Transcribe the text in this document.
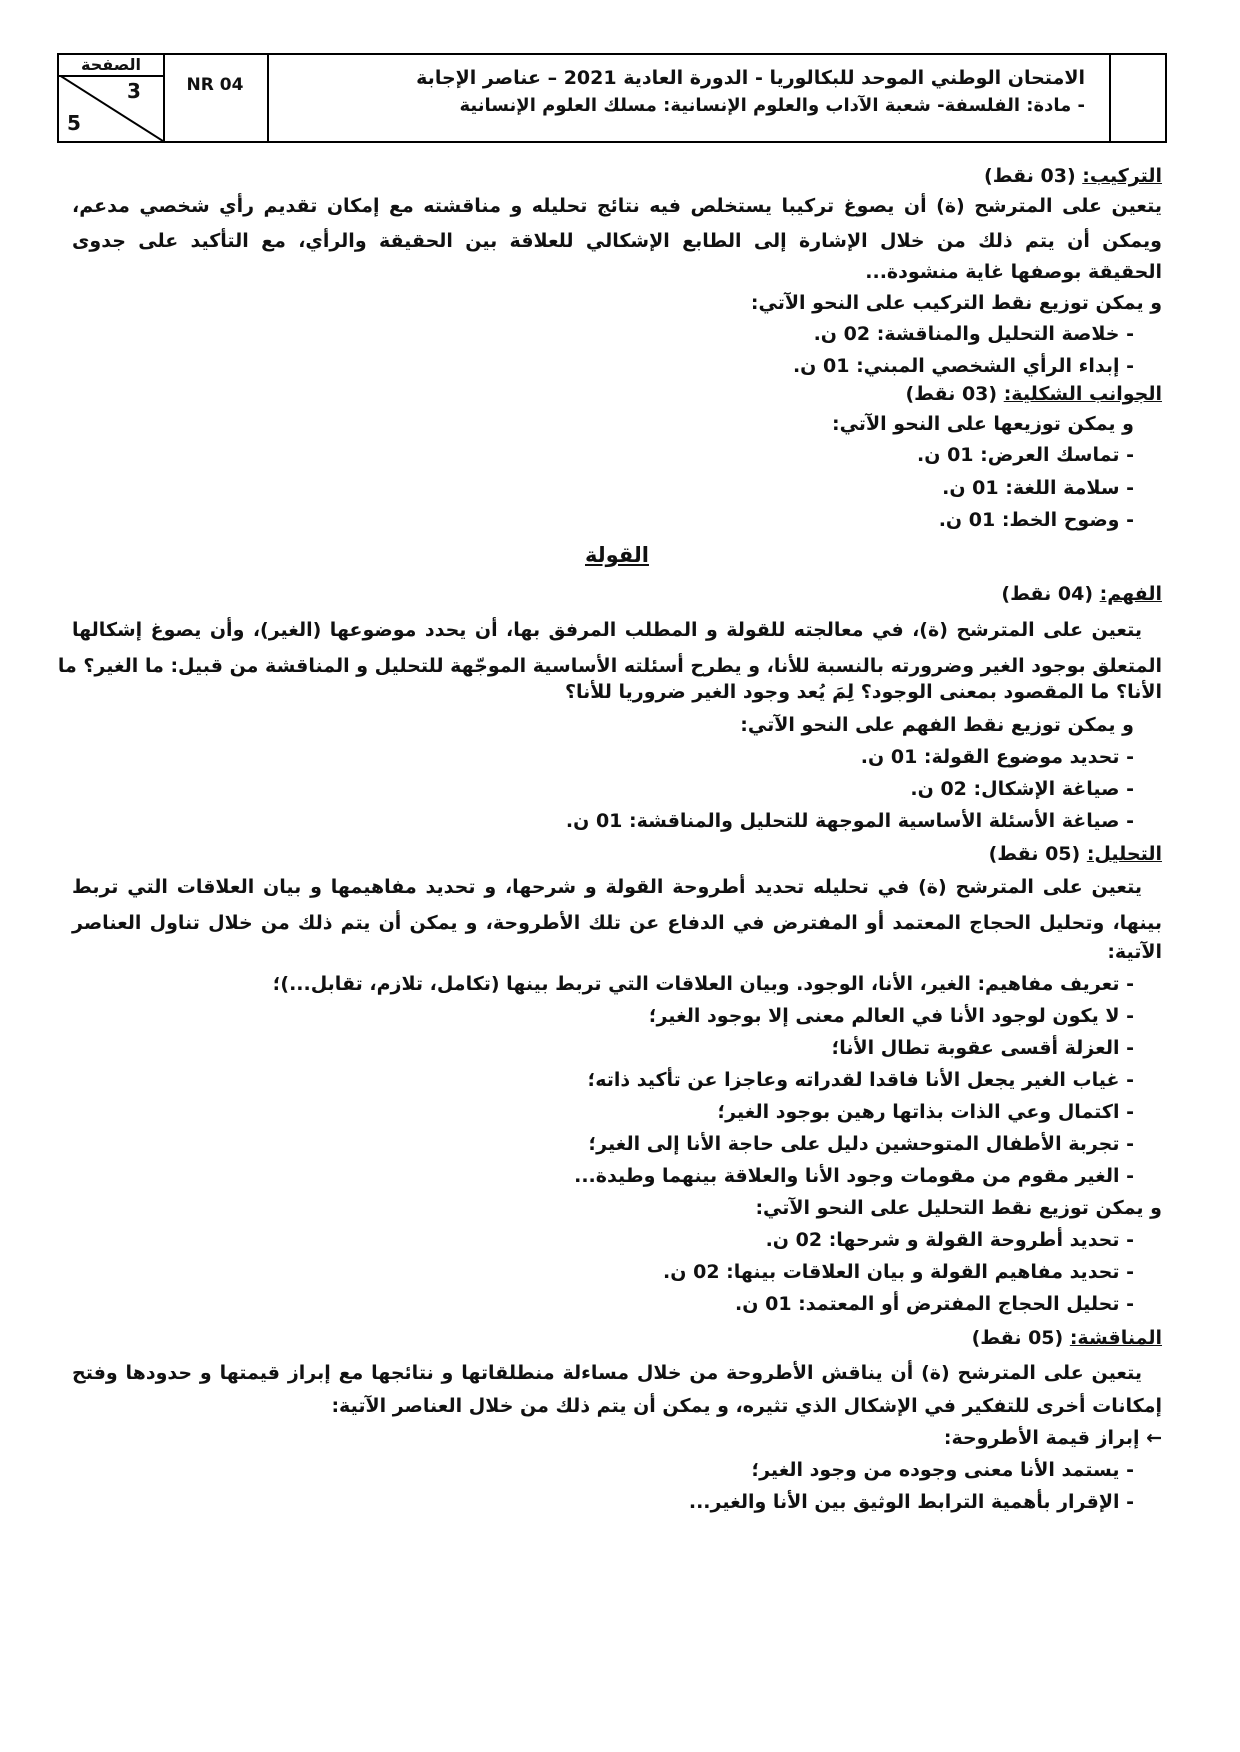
الصفحة
3
5
NR 04	الامتحان الوطني الموحد للبكالوريا - الدورة العادية 2021 – عناصر الإجابة
- مادة: الفلسفة- شعبة الآداب والعلوم الإنسانية: مسلك العلوم الإنسانية
التركيب: (03 نقط)
يتعين على المترشح (ة) أن يصوغ تركيبا يستخلص فيه نتائج تحليله و مناقشته مع إمكان تقديم رأي شخصي مدعم،
ويمكن أن يتم ذلك من خلال الإشارة إلى الطابع الإشكالي للعلاقة بين الحقيقة والرأي، مع التأكيد على جدوى
الحقيقة بوصفها غاية منشودة...
و يمكن توزيع نقط التركيب على النحو الآتي:
- خلاصة التحليل والمناقشة: 02 ن.
- إبداء الرأي الشخصي المبني: 01 ن.
الجوانب الشكلية: (03 نقط)
و يمكن توزيعها على النحو الآتي:
- تماسك العرض: 01 ن.
- سلامة اللغة: 01 ن.
- وضوح الخط: 01 ن.
القولة
الفهم: (04 نقط)
يتعين على المترشح (ة)، في معالجته للقولة و المطلب المرفق بها، أن يحدد موضوعها (الغير)، وأن يصوغ إشكالها
المتعلق بوجود الغير وضرورته بالنسبة للأنا، و يطرح أسئلته الأساسية الموجّهة للتحليل و المناقشة من قبيل: ما الغير؟ ما
الأنا؟ ما المقصود بمعنى الوجود؟ لِمَ يُعد وجود الغير ضروريا للأنا؟
و يمكن توزيع نقط الفهم على النحو الآتي:
- تحديد موضوع القولة: 01 ن.
- صياغة الإشكال: 02 ن.
- صياغة الأسئلة الأساسية الموجهة للتحليل والمناقشة: 01 ن.
التحليل: (05 نقط)
يتعين على المترشح (ة) في تحليله تحديد أطروحة القولة و شرحها، و تحديد مفاهيمها و بيان العلاقات التي تربط
بينها، وتحليل الحجاج المعتمد أو المفترض في الدفاع عن تلك الأطروحة، و يمكن أن يتم ذلك من خلال تناول العناصر
الآتية:
- تعريف مفاهيم: الغير، الأنا، الوجود. وبيان العلاقات التي تربط بينها (تكامل، تلازم، تقابل...)؛
- لا يكون لوجود الأنا في العالم معنى إلا بوجود الغير؛
- العزلة أقسى عقوبة تطال الأنا؛
- غياب الغير يجعل الأنا فاقدا لقدراته وعاجزا عن تأكيد ذاته؛
- اكتمال وعي الذات بذاتها رهين بوجود الغير؛
- تجربة الأطفال المتوحشين دليل على حاجة الأنا إلى الغير؛
- الغير مقوم من مقومات وجود الأنا والعلاقة بينهما وطيدة...
و يمكن توزيع نقط التحليل على النحو الآتي:
- تحديد أطروحة القولة و شرحها: 02 ن.
- تحديد مفاهيم القولة و بيان العلاقات بينها: 02 ن.
- تحليل الحجاج المفترض أو المعتمد: 01 ن.
المناقشة: (05 نقط)
يتعين على المترشح (ة) أن يناقش الأطروحة من خلال مساءلة منطلقاتها و نتائجها مع إبراز قيمتها و حدودها وفتح
إمكانات أخرى للتفكير في الإشكال الذي تثيره، و يمكن أن يتم ذلك من خلال العناصر الآتية:
← إبراز قيمة الأطروحة:
- يستمد الأنا معنى وجوده من وجود الغير؛
- الإقرار بأهمية الترابط الوثيق بين الأنا والغير...
